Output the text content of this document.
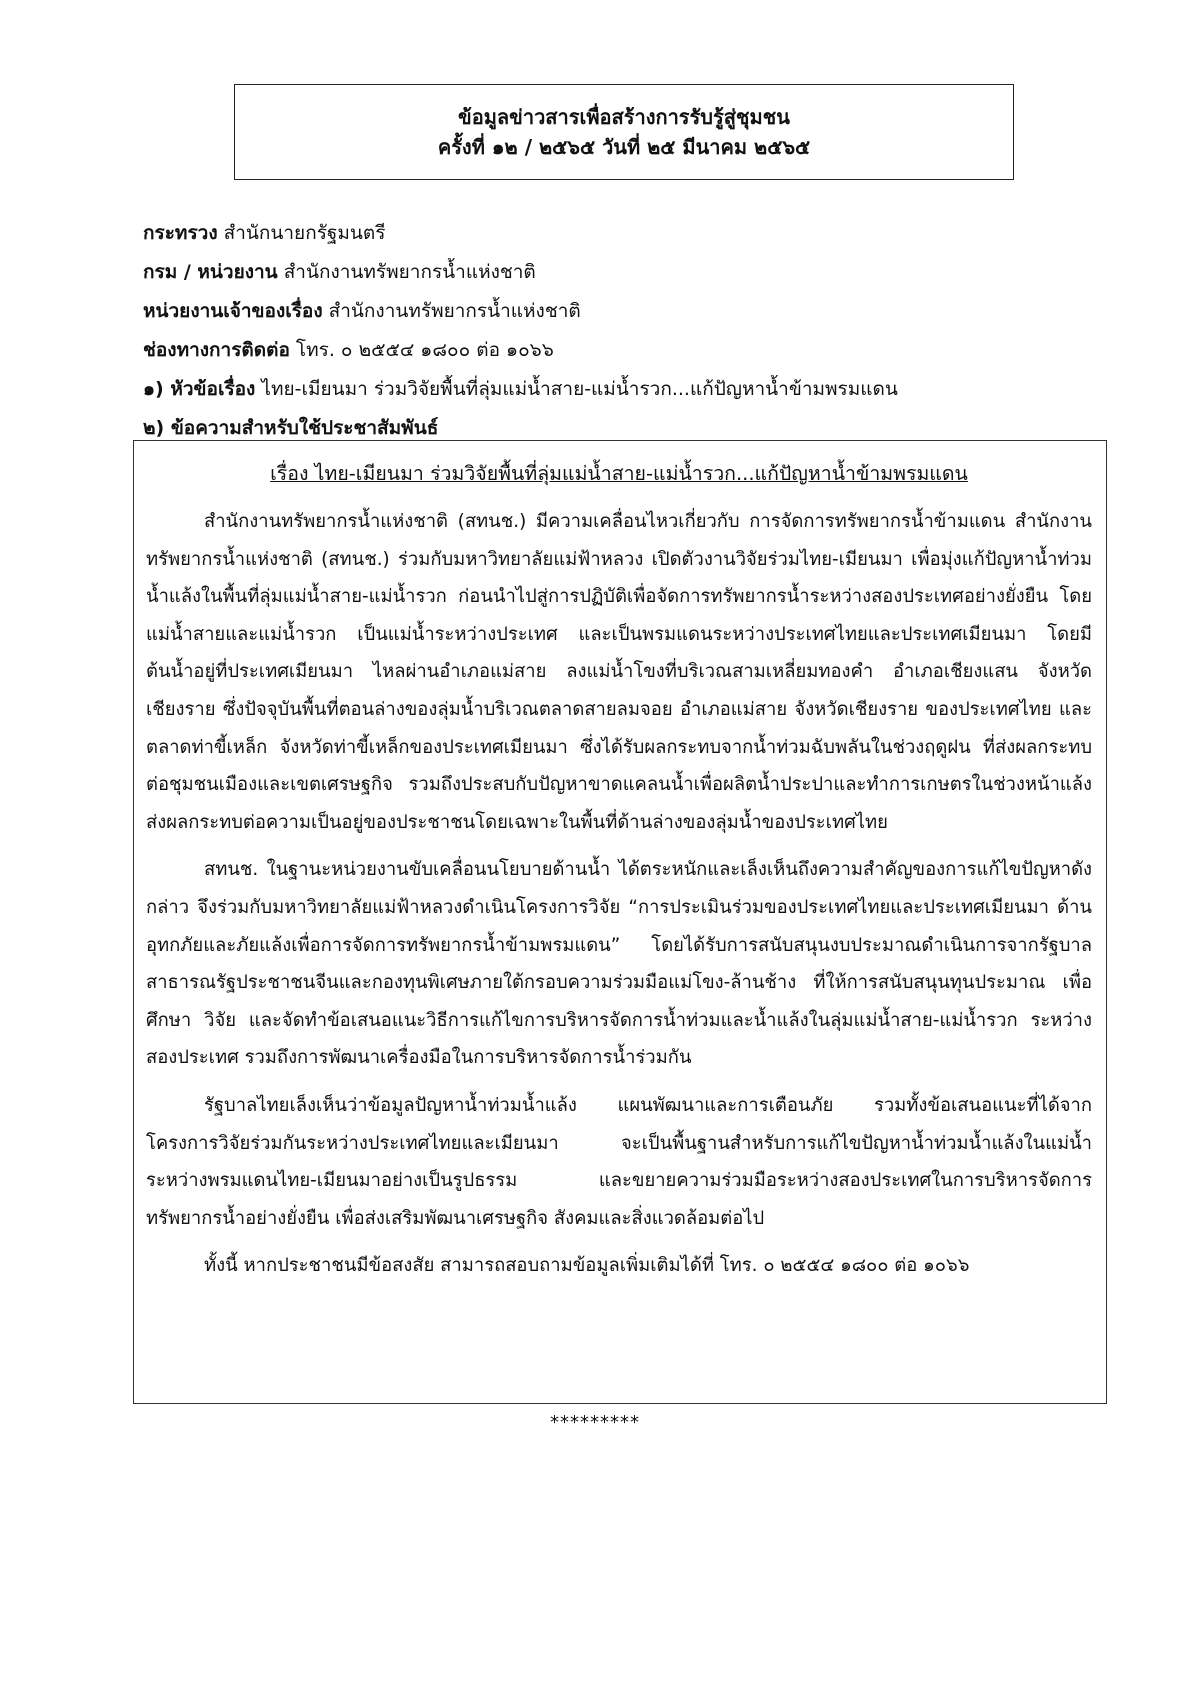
ข้อมูลข่าวสารเพื่อสร้างการรับรู้สู่ชุมชน
ครั้งที่ ๑๒ / ๒๕๖๕ วันที่ ๒๕ มีนาคม ๒๕๖๕
กระทรวง สำนักนายกรัฐมนตรี
กรม / หน่วยงาน สำนักงานทรัพยากรน้ำแห่งชาติ
หน่วยงานเจ้าของเรื่อง สำนักงานทรัพยากรน้ำแห่งชาติ
ช่องทางการติดต่อ โทร. ๐ ๒๕๕๔ ๑๘๐๐ ต่อ ๑๐๖๖
๑) หัวข้อเรื่อง ไทย-เมียนมา ร่วมวิจัยพื้นที่ลุ่มแม่น้ำสาย-แม่น้ำรวก...แก้ปัญหาน้ำข้ามพรมแดน
๒) ข้อความสำหรับใช้ประชาสัมพันธ์
เรื่อง ไทย-เมียนมา ร่วมวิจัยพื้นที่ลุ่มแม่น้ำสาย-แม่น้ำรวก...แก้ปัญหาน้ำข้ามพรมแดน

สำนักงานทรัพยากรน้ำแห่งชาติ (สทนช.) มีความเคลื่อนไหวเกี่ยวกับ การจัดการทรัพยากรน้ำข้ามแดน สำนักงานทรัพยากรน้ำแห่งชาติ (สทนช.) ร่วมกับมหาวิทยาลัยแม่ฟ้าหลวง เปิดตัวงานวิจัยร่วมไทย-เมียนมา เพื่อมุ่งแก้ปัญหาน้ำท่วมน้ำแล้งในพื้นที่ลุ่มแม่น้ำสาย-แม่น้ำรวก ก่อนนำไปสู่การปฏิบัติเพื่อจัดการทรัพยากรน้ำระหว่างสองประเทศอย่างยั่งยืน โดยแม่น้ำสายและแม่น้ำรวก เป็นแม่น้ำระหว่างประเทศ และเป็นพรมแดนระหว่างประเทศไทยและประเทศเมียนมา โดยมีต้นน้ำอยู่ที่ประเทศเมียนมา ไหลผ่านอำเภอแม่สาย ลงแม่น้ำโขงที่บริเวณสามเหลี่ยมทองคำ อำเภอเชียงแสน จังหวัดเชียงราย ซึ่งปัจจุบันพื้นที่ตอนล่างของลุ่มน้ำบริเวณตลาดสายลมจอย อำเภอแม่สาย จังหวัดเชียงราย ของประเทศไทย และตลาดท่าขี้เหล็ก จังหวัดท่าขี้เหล็กของประเทศเมียนมา ซึ่งได้รับผลกระทบจากน้ำท่วมฉับพลันในช่วงฤดูฝน ที่ส่งผลกระทบต่อชุมชนเมืองและเขตเศรษฐกิจ รวมถึงประสบกับปัญหาขาดแคลนน้ำเพื่อผลิตน้ำประปาและทำการเกษตรในช่วงหน้าแล้ง ส่งผลกระทบต่อความเป็นอยู่ของประชาชนโดยเฉพาะในพื้นที่ด้านล่างของลุ่มน้ำของประเทศไทย

สทนช. ในฐานะหน่วยงานขับเคลื่อนนโยบายด้านน้ำ ได้ตระหนักและเล็งเห็นถึงความสำคัญของการแก้ไขปัญหาดังกล่าว จึงร่วมกับมหาวิทยาลัยแม่ฟ้าหลวงดำเนินโครงการวิจัย “การประเมินร่วมของประเทศไทยและประเทศเมียนมา ด้านอุทกภัยและภัยแล้งเพื่อการจัดการทรัพยากรน้ำข้ามพรมแดน” โดยได้รับการสนับสนุนงบประมาณดำเนินการจากรัฐบาลสาธารณรัฐประชาชนจีนและกองทุนพิเศษภายใต้กรอบความร่วมมือแม่โขง-ล้านช้าง ที่ให้การสนับสนุนทุนประมาณ เพื่อศึกษา วิจัย และจัดทำข้อเสนอแนะวิธีการแก้ไขการบริหารจัดการน้ำท่วมและน้ำแล้งในลุ่มแม่น้ำสาย-แม่น้ำรวก ระหว่างสองประเทศ รวมถึงการพัฒนาเครื่องมือในการบริหารจัดการน้ำร่วมกัน

รัฐบาลไทยเล็งเห็นว่าข้อมูลปัญหาน้ำท่วมน้ำแล้ง แผนพัฒนาและการเตือนภัย รวมทั้งข้อเสนอแนะที่ได้จากโครงการวิจัยร่วมกันระหว่างประเทศไทยและเมียนมา จะเป็นพื้นฐานสำหรับการแก้ไขปัญหาน้ำท่วมน้ำแล้งในแม่น้ำระหว่างพรมแดนไทย-เมียนมาอย่างเป็นรูปธรรม และขยายความร่วมมือระหว่างสองประเทศในการบริหารจัดการทรัพยากรน้ำอย่างยั่งยืน เพื่อส่งเสริมพัฒนาเศรษฐกิจ สังคมและสิ่งแวดล้อมต่อไป

ทั้งนี้ หากประชาชนมีข้อสงสัย สามารถสอบถามข้อมูลเพิ่มเติมได้ที่ โทร. ๐ ๒๕๕๔ ๑๘๐๐ ต่อ ๑๐๖๖

*********
